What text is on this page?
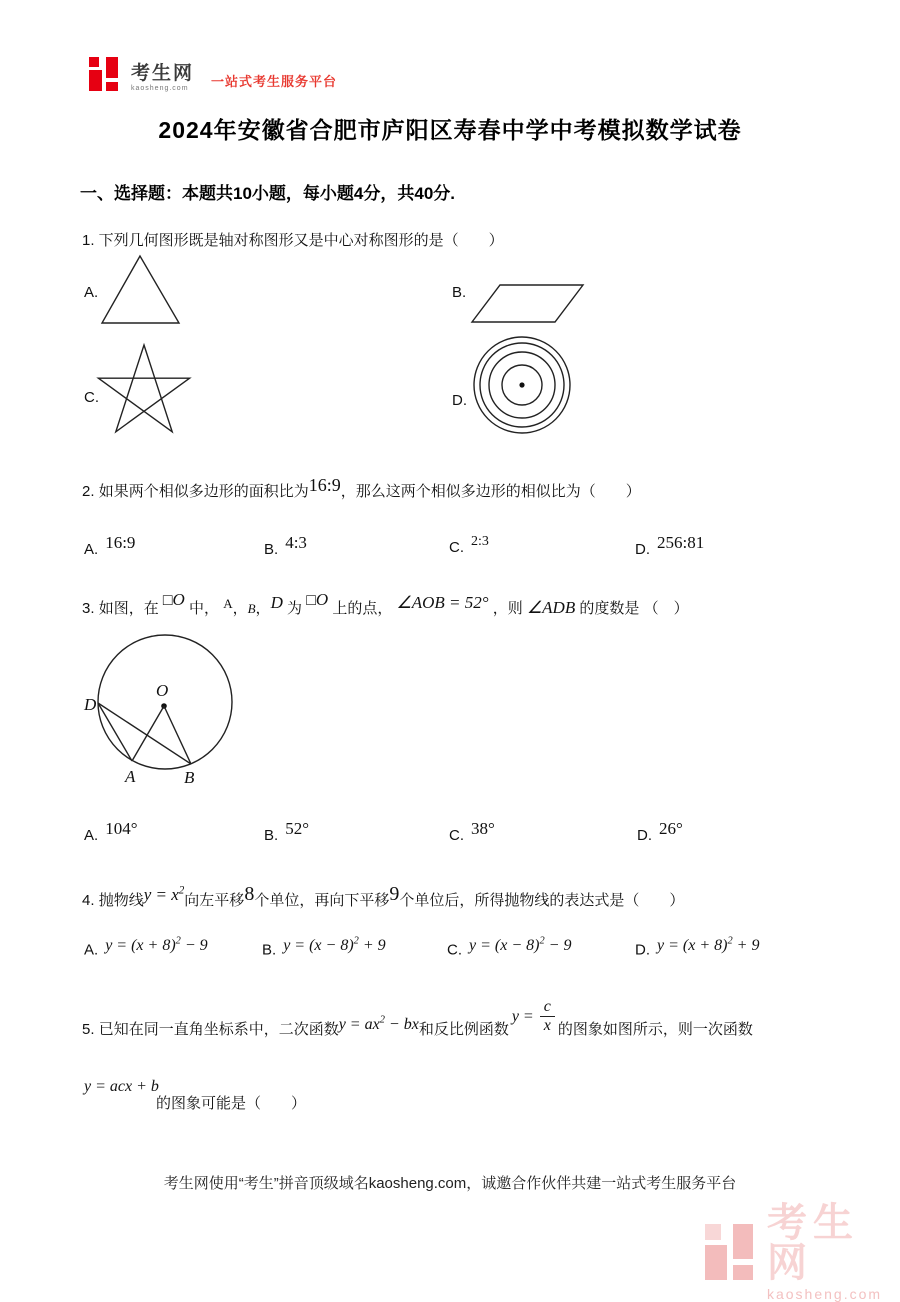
考生网
kaosheng.com	一站式考生服务平台
2024年安徽省合肥市庐阳区寿春中学中考模拟数学试卷
一、选择题：本题共10小题，每小题4分，共40分.
1. 下列几何图形既是轴对称图形又是中心对称图形的是（　　）
A.	B.
C.	D.
2. 如果两个相似多边形的面积比为16:9，那么这两个相似多边形的相似比为（　　）
A. 16:9	B. 4:3	C. 2:3	D. 256:81
3. 如图，在 □O 中， A，B，D 为 □O 上的点， ∠AOB = 52° ，则 ∠ADB 的度数是 （　）
D
O
A	B
A. 104°	B. 52°	C. 38°	D. 26°
4. 抛物线$y = x^2$向左平移8个单位，再向下平移9个单位后，所得抛物线的表达式是（　　）
A. $y = (x + 8)^2 - 9$	B. $y = (x - 8)^2 + 9$	C. $y = (x - 8)^2 - 9$	D. $y = (x + 8)^2 + 9$
5. 已知在同一直角坐标系中，二次函数$y = ax^2$ − bx和反比例函数
$y = \frac{c}{x}$ 的图象如图所示，则一次函数
y = acx + b
的图象可能是（　　）
考生网使用“考生”拼音顶级域名kaosheng.com，诚邀合作伙伴共建一站式考生服务平台
考生网
kaosheng.com
